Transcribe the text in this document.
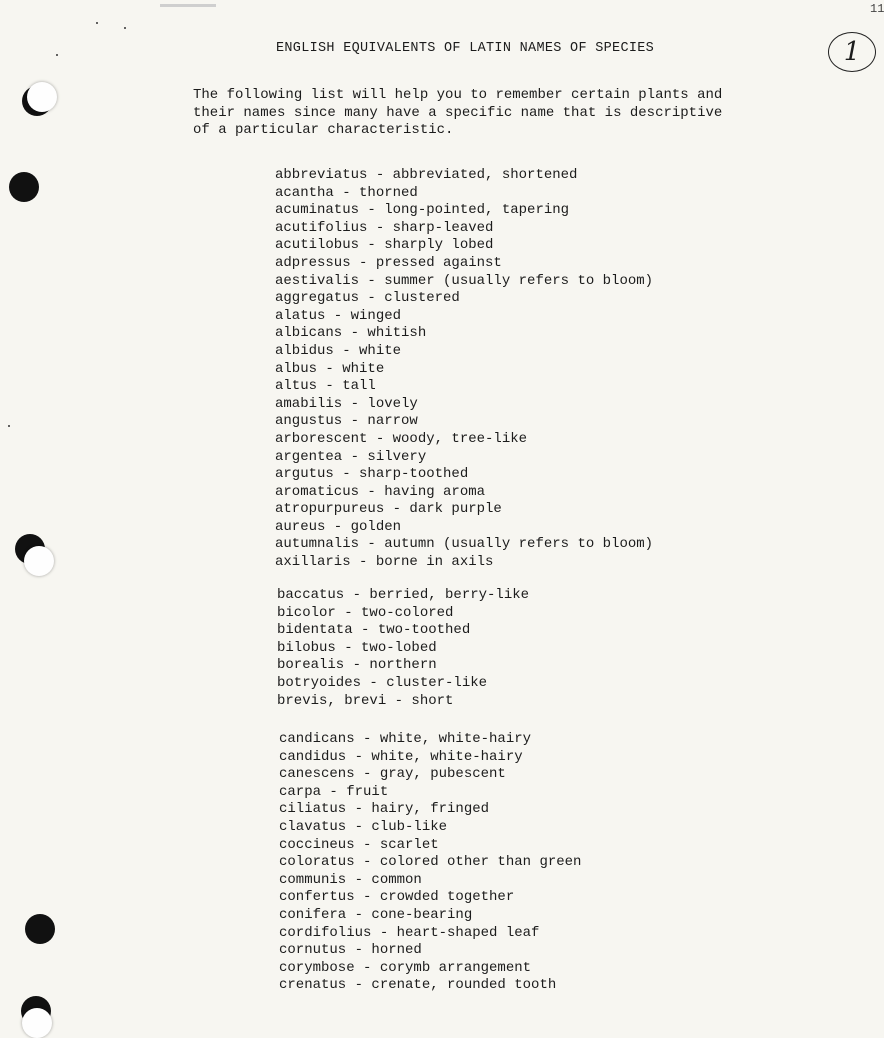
11
ENGLISH EQUIVALENTS OF LATIN NAMES OF SPECIES	1

The following list will help you to remember certain plants and

their names since many have a specific name that is descriptive

of a particular characteristic.

abbreviatus - abbreviated, shortened
acantha - thorned
acuminatus - long-pointed, tapering
acutifolius - sharp-leaved
acutilobus - sharply lobed
adpressus - pressed against
aestivalis - summer (usually refers to bloom)
aggregatus - clustered
alatus - winged
albicans - whitish
albidus - white
albus - white
altus - tall
amabilis - lovely
angustus - narrow
arborescent - woody, tree-like
argentea - silvery
argutus - sharp-toothed
aromaticus - having aroma
atropurpureus - dark purple
aureus - golden
autumnalis - autumn (usually refers to bloom)
axillaris - borne in axils
baccatus - berried, berry-like
bicolor - two-colored
bidentata - two-toothed
bilobus - two-lobed
borealis - northern
botryoides - cluster-like
brevis, brevi - short
candicans - white, white-hairy
candidus - white, white-hairy
canescens - gray, pubescent
carpa - fruit
ciliatus - hairy, fringed
clavatus - club-like
coccineus - scarlet
coloratus - colored other than green
communis - common
confertus - crowded together
conifera - cone-bearing
cordifolius - heart-shaped leaf
cornutus - horned
corymbose - corymb arrangement
crenatus - crenate, rounded tooth
